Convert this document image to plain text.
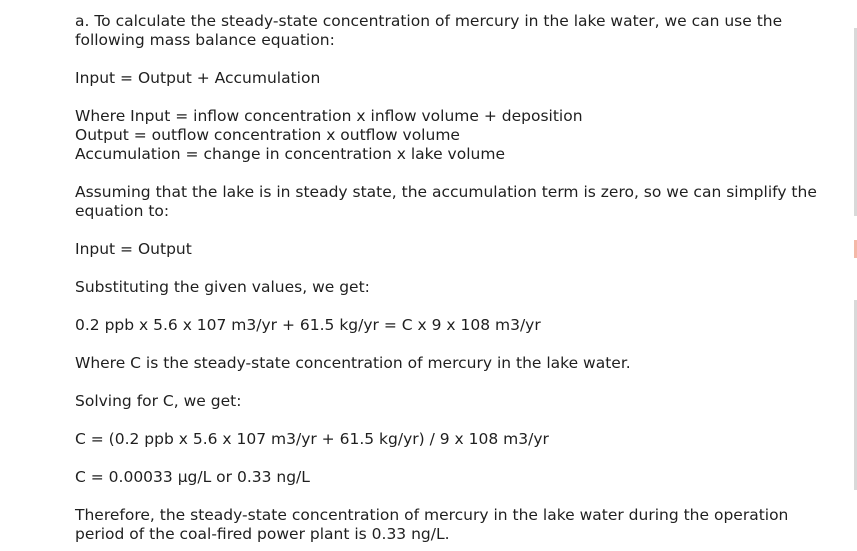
a. To calculate the steady-state concentration of mercury in the lake water, we can use the following mass balance equation:

Input = Output + Accumulation

Where Input = inflow concentration x inflow volume + deposition

Output = outflow concentration x outflow volume

Accumulation = change in concentration x lake volume

Assuming that the lake is in steady state, the accumulation term is zero, so we can simplify the equation to:

Input = Output

Substituting the given values, we get:

0.2 ppb x 5.6 x 107 m3/yr + 61.5 kg/yr = C x 9 x 108 m3/yr

Where C is the steady-state concentration of mercury in the lake water.

Solving for C, we get:

C = (0.2 ppb x 5.6 x 107 m3/yr + 61.5 kg/yr) / 9 x 108 m3/yr

C = 0.00033 μg/L or 0.33 ng/L

Therefore, the steady-state concentration of mercury in the lake water during the operation period of the coal-fired power plant is 0.33 ng/L.
